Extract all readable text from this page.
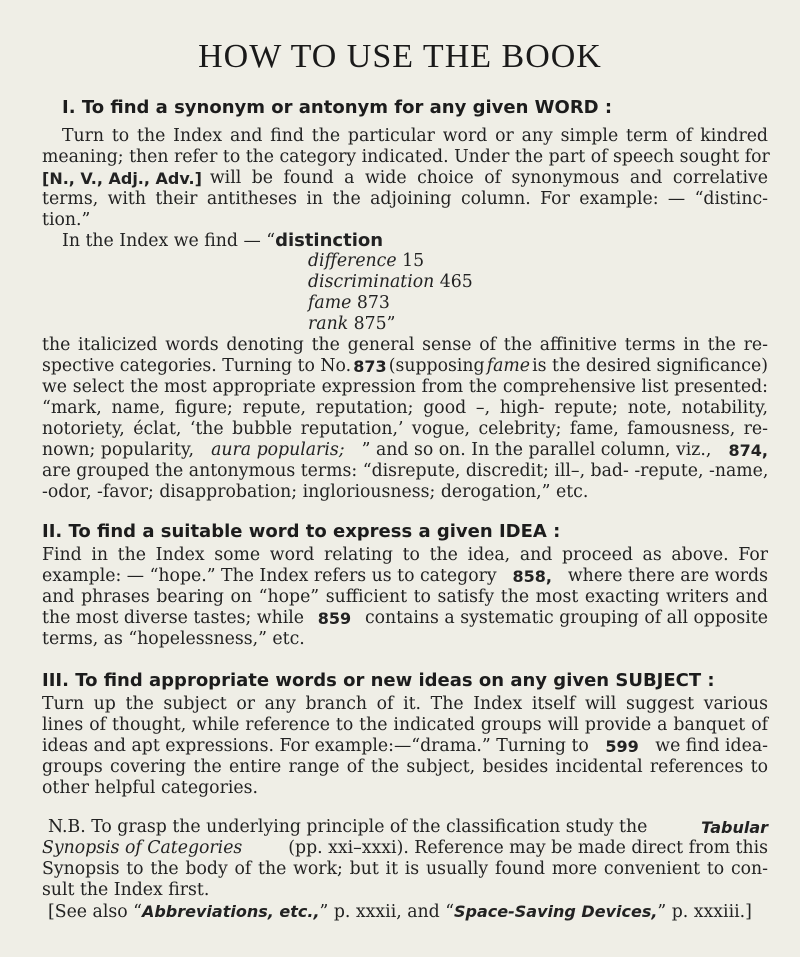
HOW TO USE THE BOOK
I. To find a synonym or antonym for any given WORD :
Turn to the Index and find the particular word or any simple term of kindred
meaning; then refer to the category indicated. Under the part of speech sought for
[N., V., Adj., Adv.] will be found a wide choice of synonymous and correlative
terms, with their antitheses in the adjoining column. For example: — “distinc-
tion.”
In the Index we find — “distinction
difference 15
discrimination 465
fame 873
rank 875”
the italicized words denoting the general sense of the affinitive terms in the re-
spective categories. Turning to No. 873 (supposing fame is the desired significance)
we select the most appropriate expression from the comprehensive list presented:
“mark, name, figure; repute, reputation; good –, high- repute; note, notability,
notoriety, éclat, ‘the bubble reputation,’ vogue, celebrity; fame, famousness, re-
nown; popularity, aura popularis; ” and so on. In the parallel column, viz., 874,
are grouped the antonymous terms: “disrepute, discredit; ill–, bad- -repute, -name,
-odor, -favor; disapprobation; ingloriousness; derogation,” etc.
II. To find a suitable word to express a given IDEA :
Find in the Index some word relating to the idea, and proceed as above. For
example: — “hope.” The Index refers us to category 858, where there are words
and phrases bearing on “hope” sufficient to satisfy the most exacting writers and
the most diverse tastes; while 859 contains a systematic grouping of all opposite
terms, as “hopelessness,” etc.
III. To find appropriate words or new ideas on any given SUBJECT :
Turn up the subject or any branch of it. The Index itself will suggest various
lines of thought, while reference to the indicated groups will provide a banquet of
ideas and apt expressions. For example:—“drama.” Turning to 599 we find idea-
groups covering the entire range of the subject, besides incidental references to
other helpful categories.
N.B. To grasp the underlying principle of the classification study the	Tabular
Synopsis of Categories	(pp. xxi–xxxi). Reference may be made direct from this
Synopsis to the body of the work; but it is usually found more convenient to con-
sult the Index first.
[See also “Abbreviations, etc.,” p. xxxii, and “Space-Saving Devices,” p. xxxiii.]
